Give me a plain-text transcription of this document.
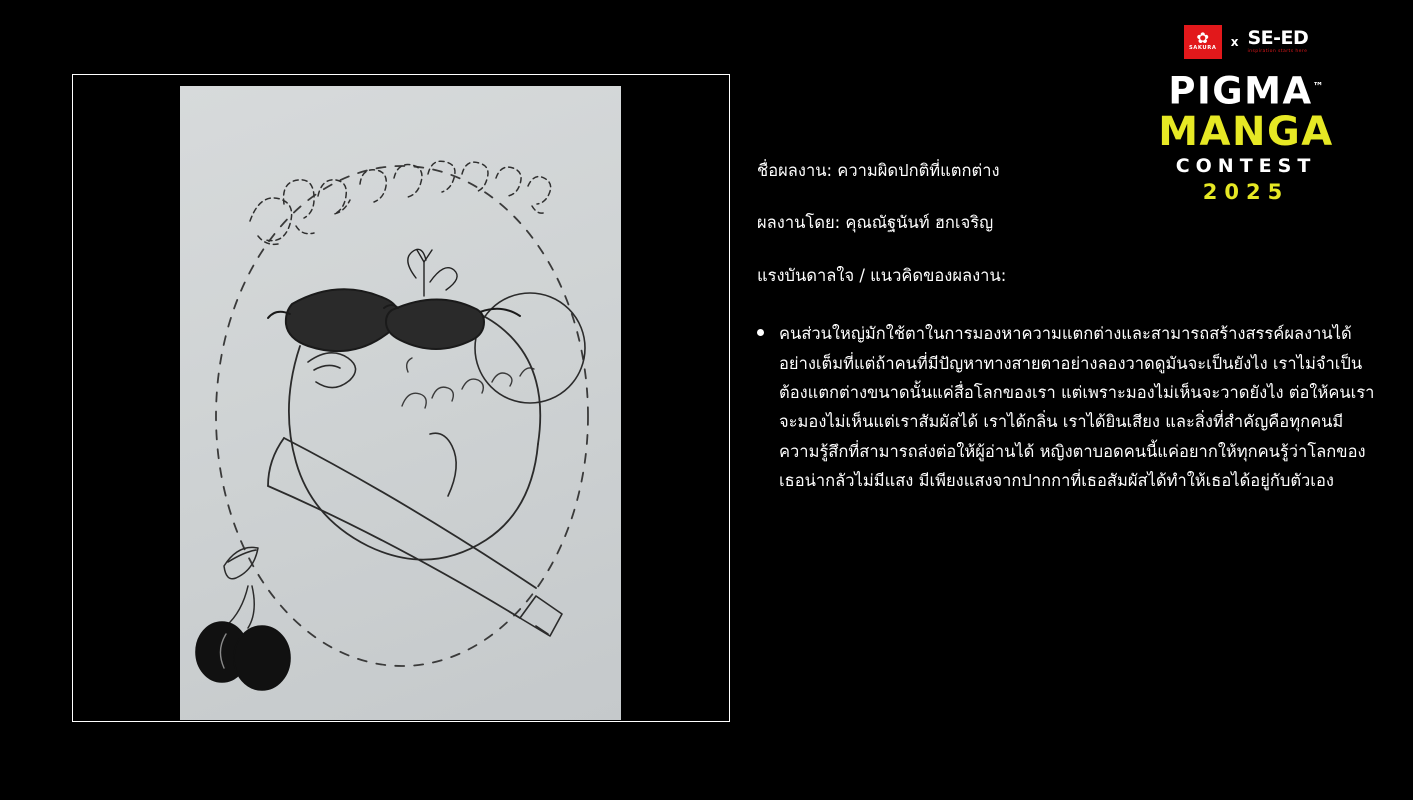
ชื่อผลงาน: ความผิดปกติที่แตกต่าง
ผลงานโดย: คุณณัฐนันท์ ฮกเจริญ
แรงบันดาลใจ / แนวคิดของผลงาน:
คนส่วนใหญ่มักใช้ตาในการมองหาความแตกต่างและสามารถสร้างสรรค์ผลงานได้อย่างเต็มที่แต่ถ้าคนที่มีปัญหาทางสายตาอย่างลองวาดดูมันจะเป็นยังไง เราไม่จำเป็นต้องแตกต่างขนาดนั้นแค่สื่อโลกของเรา แต่เพราะมองไม่เห็นจะวาดยังไง ต่อให้คนเราจะมองไม่เห็นแต่เราสัมผัสได้ เราได้กลิ่น เราได้ยินเสียง และสิ่งที่สำคัญคือทุกคนมีความรู้สึกที่สามารถส่งต่อให้ผู้อ่านได้ หญิงตาบอดคนนี้แค่อยากให้ทุกคนรู้ว่าโลกของเธอน่ากลัวไม่มีแสง มีเพียงแสงจากปากกาที่เธอสัมผัสได้ทำให้เธอได้อยู่กับตัวเอง
✿
SAKURA x SE-ED
inspiration starts here
PIGMA™
MANGA
CONTEST
2025
